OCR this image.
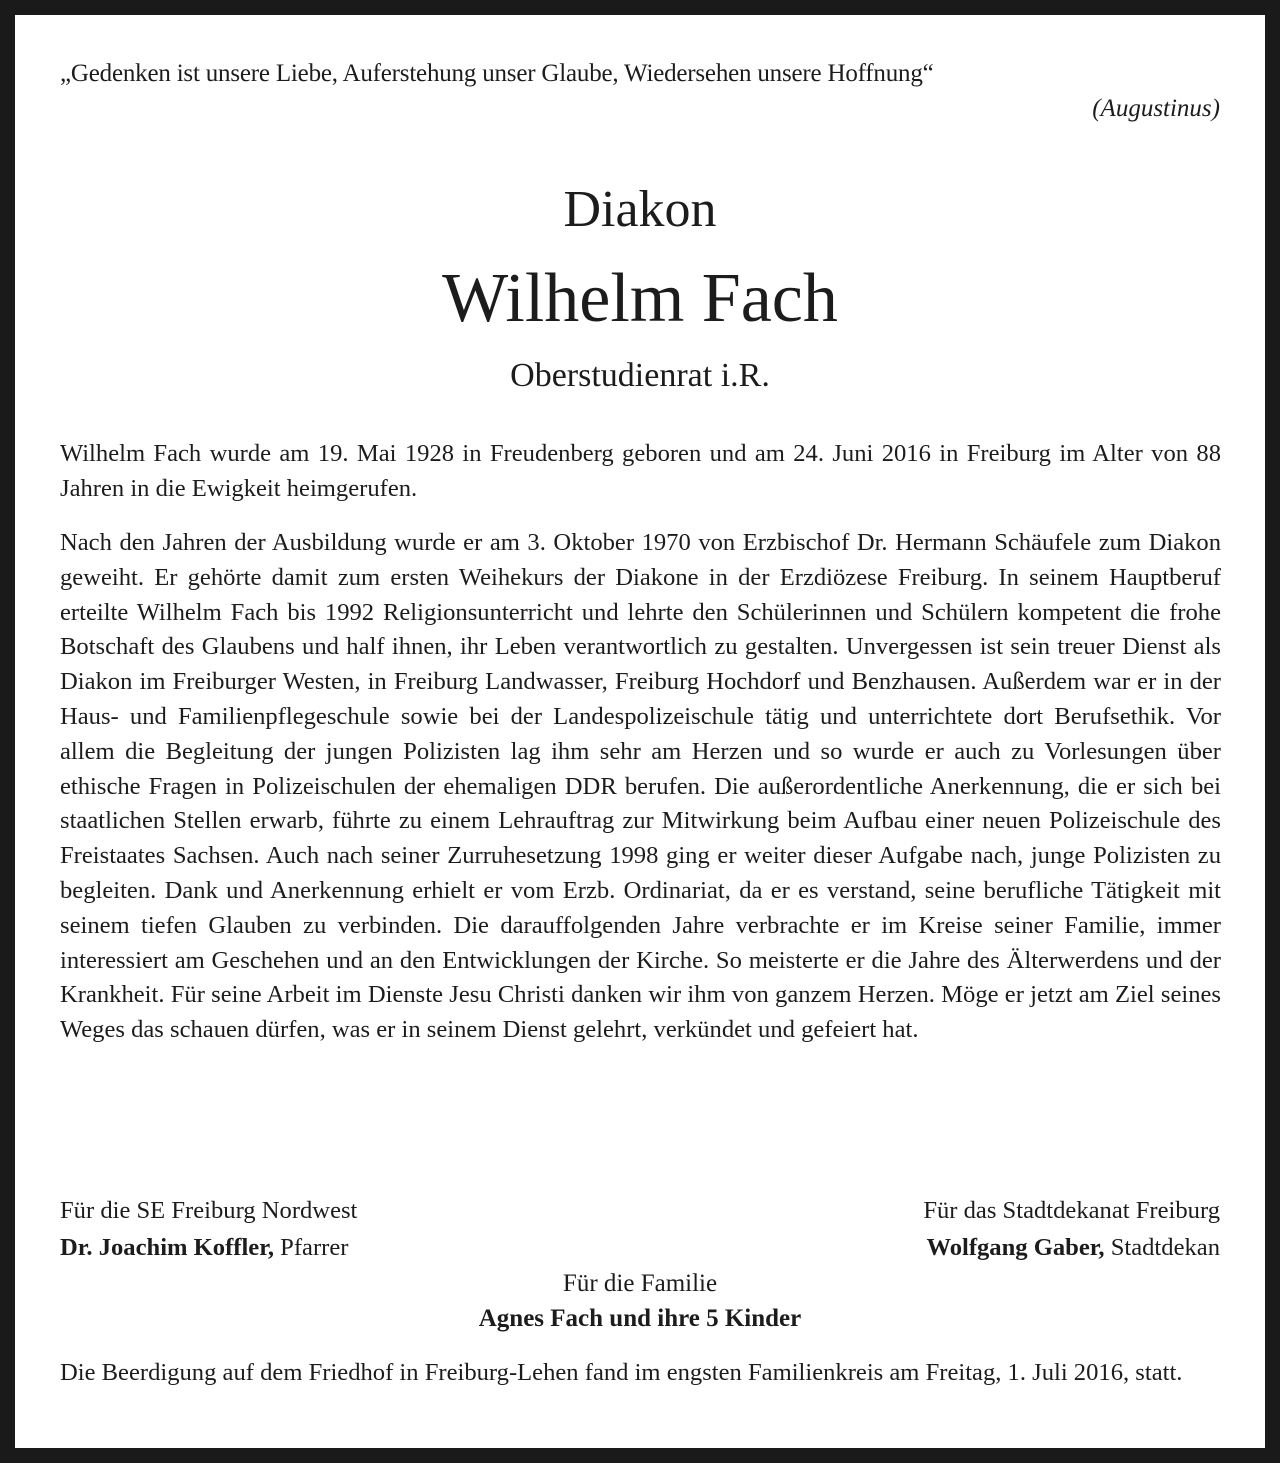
„Gedenken ist unsere Liebe, Auferstehung unser Glaube, Wiedersehen unsere Hoffnung“
(Augustinus)
Diakon
Wilhelm Fach
Oberstudienrat i.R.

Wilhelm Fach wurde am 19. Mai 1928 in Freudenberg geboren und am 24. Juni 2016 in Freiburg im Alter von 88 Jahren in die Ewigkeit heimgerufen.

Nach den Jahren der Ausbildung wurde er am 3. Oktober 1970 von Erzbischof Dr. Hermann Schäufele zum Diakon geweiht. Er gehörte damit zum ersten Weihekurs der Diakone in der Erzdiözese Freiburg. In seinem Hauptberuf erteilte Wilhelm Fach bis 1992 Religionsunterricht und lehrte den Schülerinnen und Schülern kompetent die frohe Botschaft des Glaubens und half ihnen, ihr Leben verantwortlich zu gestalten. Unvergessen ist sein treuer Dienst als Diakon im Freiburger Westen, in Freiburg Landwasser, Freiburg Hochdorf und Benzhausen. Außerdem war er in der Haus- und Familienpflegeschule sowie bei der Landespolizeischule tätig und unterrichtete dort Berufsethik. Vor allem die Begleitung der jungen Polizisten lag ihm sehr am Herzen und so wurde er auch zu Vorlesungen über ethische Fragen in Polizeischulen der ehemaligen DDR berufen. Die außerordentliche Anerkennung, die er sich bei staatlichen Stellen erwarb, führte zu einem Lehrauftrag zur Mitwirkung beim Aufbau einer neuen Polizeischule des Freistaates Sachsen. Auch nach seiner Zurruhesetzung 1998 ging er weiter dieser Aufgabe nach, junge Polizisten zu begleiten. Dank und Anerkennung erhielt er vom Erzb. Ordinariat, da er es verstand, seine berufliche Tätigkeit mit seinem tiefen Glauben zu verbinden. Die darauffolgenden Jahre verbrachte er im Kreise seiner Familie, immer interessiert am Geschehen und an den Entwicklungen der Kirche. So meisterte er die Jahre des Älterwerdens und der Krankheit. Für seine Arbeit im Dienste Jesu Christi danken wir ihm von ganzem Herzen. Möge er jetzt am Ziel seines Weges das schauen dürfen, was er in seinem Dienst gelehrt, verkündet und gefeiert hat.

Für die SE Freiburg Nordwest
Dr. Joachim Koffler, Pfarrer
Für das Stadtdekanat Freiburg
Wolfgang Gaber, Stadtdekan
Für die Familie
Agnes Fach und ihre 5 Kinder

Die Beerdigung auf dem Friedhof in Freiburg-Lehen fand im engsten Familienkreis am Freitag, 1. Juli 2016, statt.
